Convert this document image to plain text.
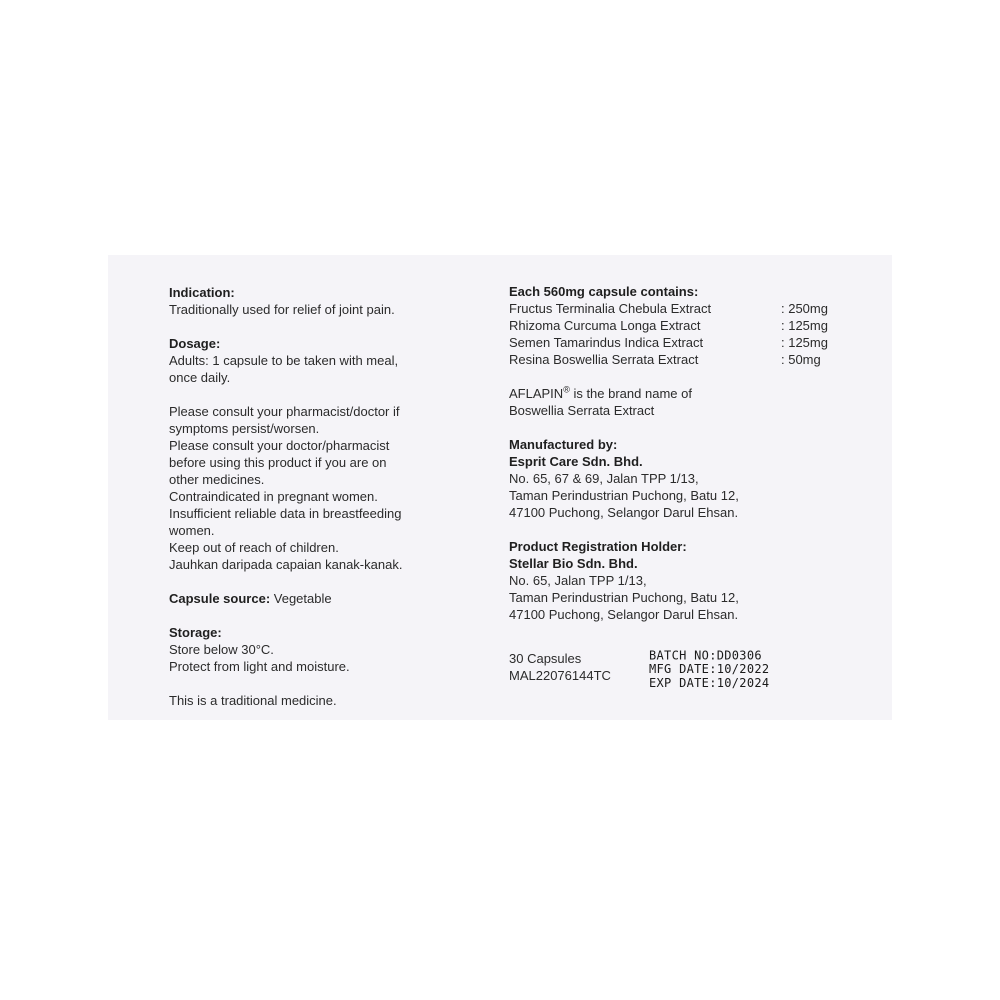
Indication:
Traditionally used for relief of joint pain.
Dosage:
Adults: 1 capsule to be taken with meal,
once daily.
Please consult your pharmacist/doctor if
symptoms persist/worsen.
Please consult your doctor/pharmacist
before using this product if you are on
other medicines.
Contraindicated in pregnant women.
Insufficient reliable data in breastfeeding
women.
Keep out of reach of children.
Jauhkan daripada capaian kanak-kanak.
Capsule source: Vegetable
Storage:
Store below 30°C.
Protect from light and moisture.
This is a traditional medicine.
Each 560mg capsule contains:
Fructus Terminalia Chebula Extract	: 250mg
Rhizoma Curcuma Longa Extract	: 125mg
Semen Tamarindus Indica Extract	: 125mg
Resina Boswellia Serrata Extract	: 50mg
AFLAPIN® is the brand name of
Boswellia Serrata Extract
Manufactured by:
Esprit Care Sdn. Bhd.
No. 65, 67 & 69, Jalan TPP 1/13,
Taman Perindustrian Puchong, Batu 12,
47100 Puchong, Selangor Darul Ehsan.
Product Registration Holder:
Stellar Bio Sdn. Bhd.
No. 65, Jalan TPP 1/13,
Taman Perindustrian Puchong, Batu 12,
47100 Puchong, Selangor Darul Ehsan.
30 Capsules
MAL22076144TC
BATCH NO:DD0306
MFG DATE:10/2022
EXP DATE:10/2024
